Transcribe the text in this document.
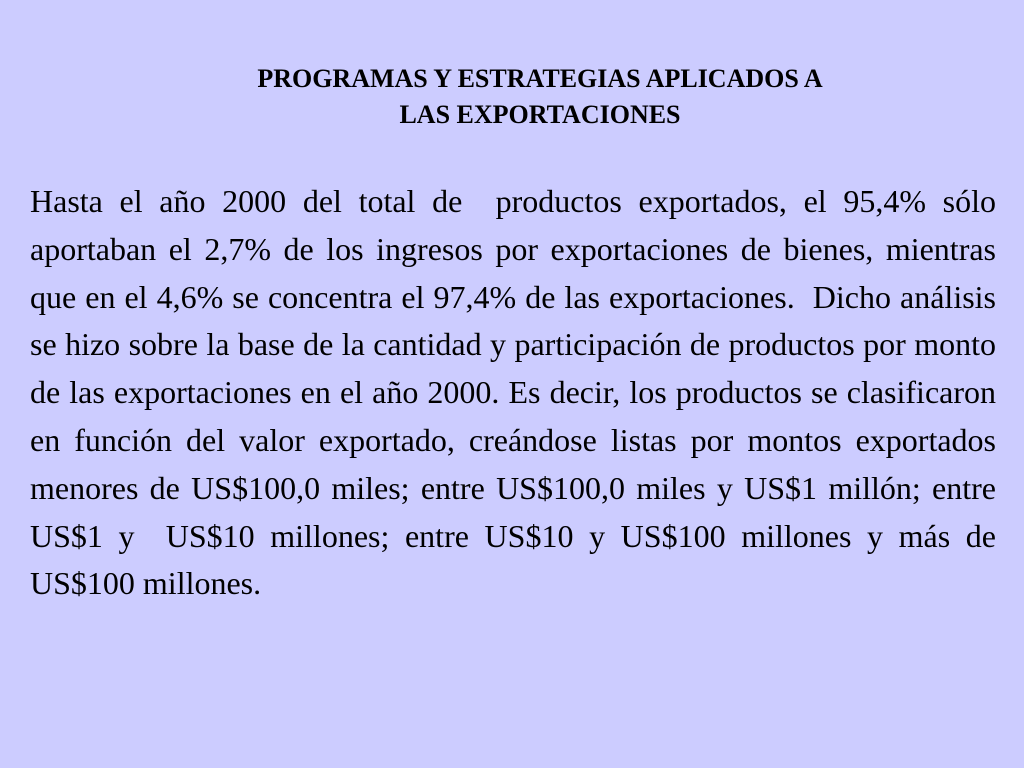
PROGRAMAS Y ESTRATEGIAS APLICADOS A
LAS EXPORTACIONES

Hasta el año 2000 del total de  productos exportados, el 95,4% sólo aportaban el 2,7% de los ingresos por exportaciones de bienes, mientras que en el 4,6% se concentra el 97,4% de las exportaciones.  Dicho análisis se hizo sobre la base de la cantidad y participación de productos por monto de las exportaciones en el año 2000. Es decir, los productos se clasificaron en función del valor exportado, creándose listas por montos exportados menores de US$100,0 miles; entre US$100,0 miles y US$1 millón; entre US$1 y  US$10 millones; entre US$10 y US$100 millones y más de US$100 millones.
